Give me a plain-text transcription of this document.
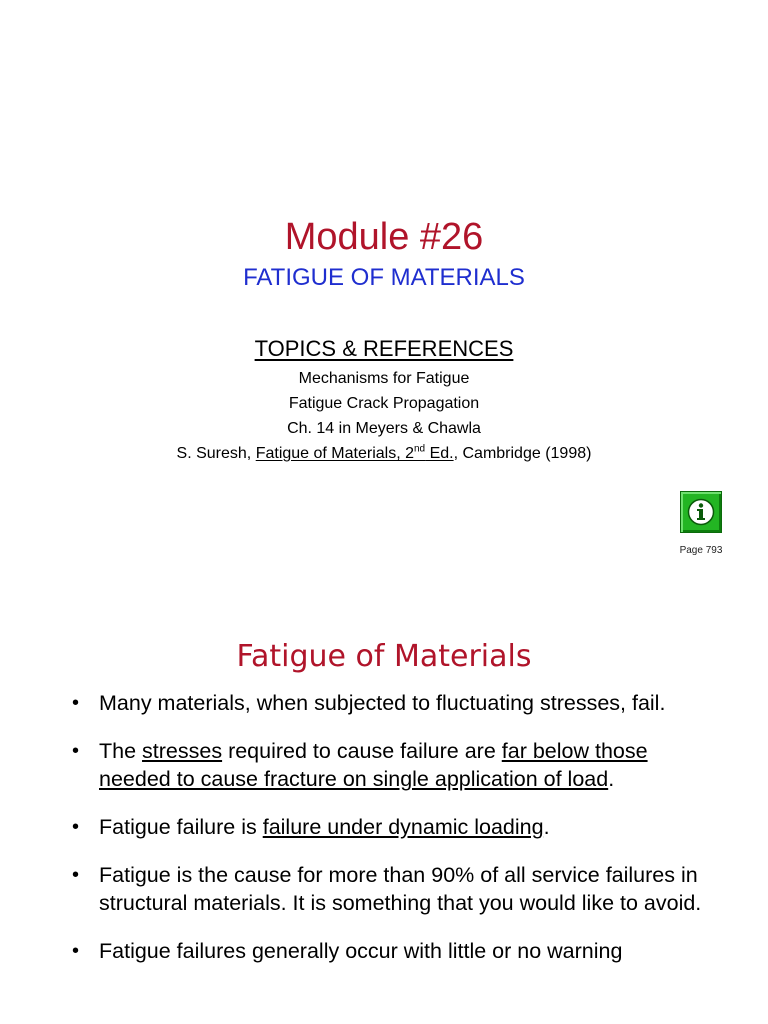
Module #26
FATIGUE OF MATERIALS
TOPICS & REFERENCES
Mechanisms for Fatigue
Fatigue Crack Propagation
Ch. 14 in Meyers & Chawla
S. Suresh, Fatigue of Materials, 2nd Ed., Cambridge (1998)
Page 793
Fatigue of Materials
• Many materials, when subjected to fluctuating stresses, fail.
• The stresses required to cause failure are far below those needed to cause fracture on single application of load.
• Fatigue failure is failure under dynamic loading.
• Fatigue is the cause for more than 90% of all service failures in structural materials. It is something that you would like to avoid.
• Fatigue failures generally occur with little or no warning
